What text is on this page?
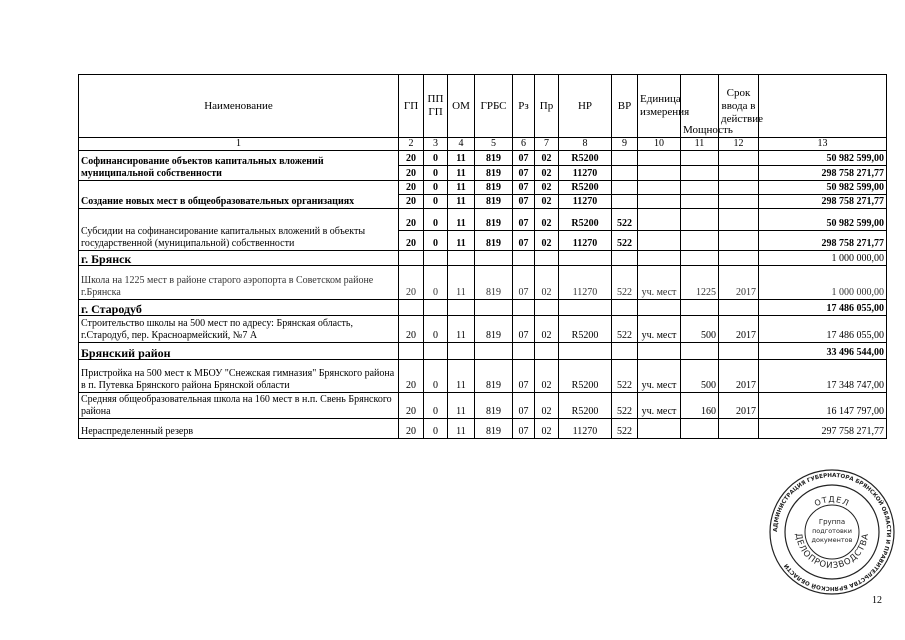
Наименование	ГП	ПП ГП	ОМ	ГРБС	Рз	Пр	НР	ВР	Единица измерения	Мощность	Срок ввода в действие	
1	2	3	4	5	6	7	8	9	10	11	12	13
Софинансирование объектов капитальных вложений муниципальной собственности	20	0	11	819	07	02	R5200					50 982 599,00
	20	0	11	819	07	02	11270					298 758 271,77
Создание новых мест в общеобразовательных организациях	20	0	11	819	07	02	R5200					50 982 599,00
	20	0	11	819	07	02	11270					298 758 271,77
Субсидии на софинансирование капитальных вложений в объекты государственной (муниципальной) собственности	20	0	11	819	07	02	R5200	522				50 982 599,00
	20	0	11	819	07	02	11270	522				298 758 271,77
г. Брянск												1 000 000,00
Школа на 1225 мест в районе старого аэропорта в Советском районе г.Брянска	20	0	11	819	07	02	11270	522	уч. мест	1225	2017	1 000 000,00
г. Стародуб												17 486 055,00
Строительство школы на 500 мест по адресу: Брянская область, г.Стародуб, пер. Красноармейский, №7 А	20	0	11	819	07	02	R5200	522	уч. мест	500	2017	17 486 055,00
Брянский район												33 496 544,00
Пристройка на 500 мест к МБОУ "Снежская гимназия" Брянского района в п. Путевка Брянского района Брянской области	20	0	11	819	07	02	R5200	522	уч. мест	500	2017	17 348 747,00
Средняя общеобразовательная школа на 160 мест в н.п. Свень Брянского района	20	0	11	819	07	02	R5200	522	уч. мест	160	2017	16 147 797,00
Нераспределенный резерв	20	0	11	819	07	02	11270	522				297 758 271,77
АДМИНИСТРАЦИЯ ГУБЕРНАТОРА БРЯНСКОЙ ОБЛАСТИ И ПРАВИТЕЛЬСТВА БРЯНСКОЙ ОБЛАСТИ
ОТДЕЛ
ДЕЛОПРОИЗВОДСТВА
Группа
подготовки
документов
12
